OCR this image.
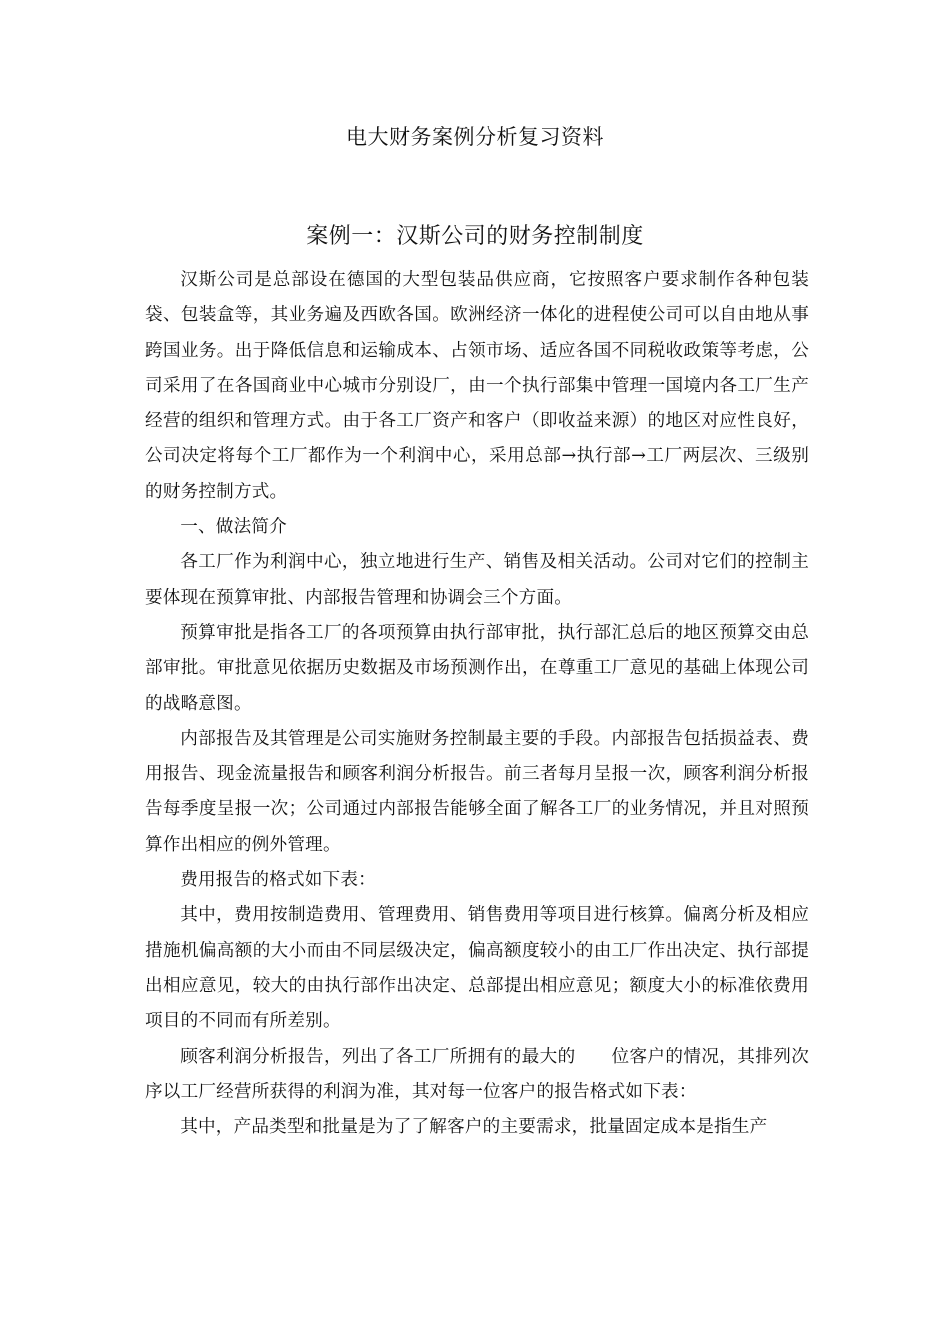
电大财务案例分析复习资料
案例一：汉斯公司的财务控制制度

汉斯公司是总部设在德国的大型包装品供应商，它按照客户要求制作各种包装袋、包装盒等，其业务遍及西欧各国。欧洲经济一体化的进程使公司可以自由地从事跨国业务。出于降低信息和运输成本、占领市场、适应各国不同税收政策等考虑，公司采用了在各国商业中心城市分别设厂，由一个执行部集中管理一国境内各工厂生产经营的组织和管理方式。由于各工厂资产和客户（即收益来源）的地区对应性良好，公司决定将每个工厂都作为一个利润中心，采用总部→执行部→工厂两层次、三级别的财务控制方式。

一、做法简介

各工厂作为利润中心，独立地进行生产、销售及相关活动。公司对它们的控制主要体现在预算审批、内部报告管理和协调会三个方面。

预算审批是指各工厂的各项预算由执行部审批，执行部汇总后的地区预算交由总部审批。审批意见依据历史数据及市场预测作出，在尊重工厂意见的基础上体现公司的战略意图。

内部报告及其管理是公司实施财务控制最主要的手段。内部报告包括损益表、费用报告、现金流量报告和顾客利润分析报告。前三者每月呈报一次，顾客利润分析报告每季度呈报一次；公司通过内部报告能够全面了解各工厂的业务情况，并且对照预算作出相应的例外管理。

费用报告的格式如下表：

其中，费用按制造费用、管理费用、销售费用等项目进行核算。偏离分析及相应措施机偏高额的大小而由不同层级决定，偏高额度较小的由工厂作出决定、执行部提出相应意见，较大的由执行部作出决定、总部提出相应意见；额度大小的标准依费用项目的不同而有所差别。

顾客利润分析报告，列出了各工厂所拥有的最大的　　位客户的情况，其排列次序以工厂经营所获得的利润为准，其对每一位客户的报告格式如下表：

其中，产品类型和批量是为了了解客户的主要需求，批量固定成本是指生产
